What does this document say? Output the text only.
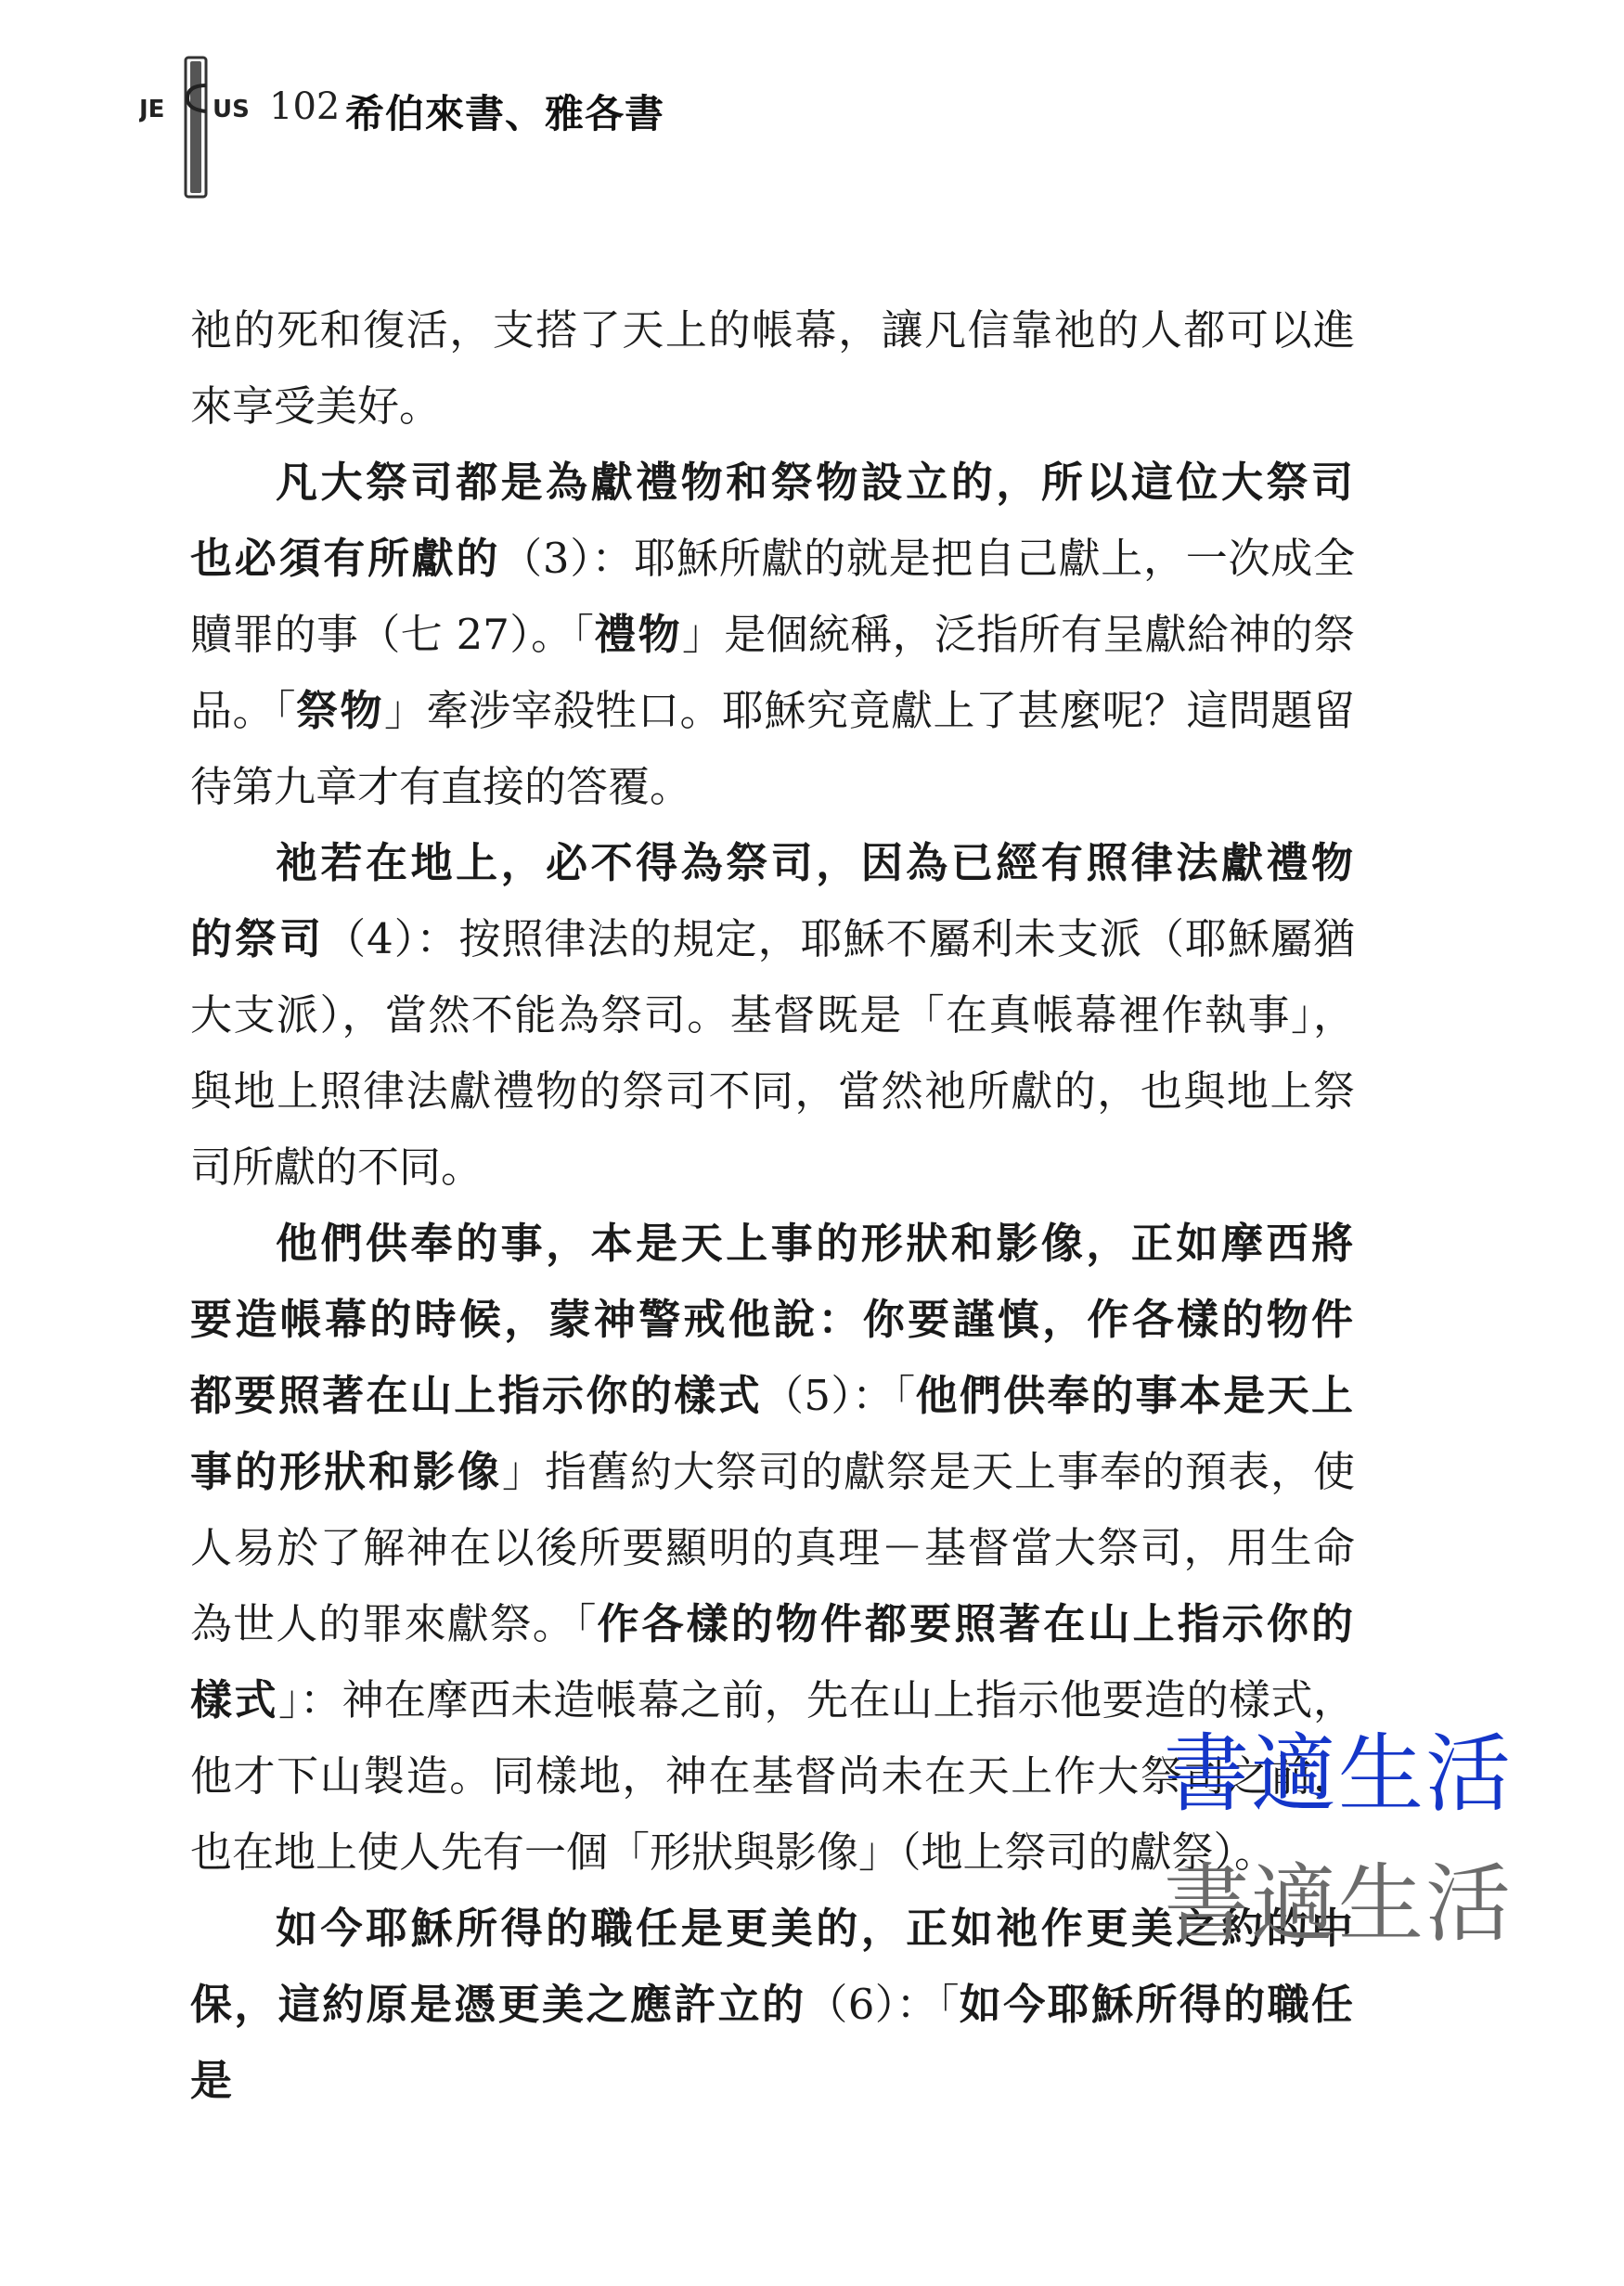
JE US 102 希伯來書、雅各書

祂的死和復活，支搭了天上的帳幕，讓凡信靠祂的人都可以進來享受美好。

凡大祭司都是為獻禮物和祭物設立的，所以這位大祭司也必須有所獻的（3）：耶穌所獻的就是把自己獻上，一次成全贖罪的事（七 27）。「禮物」是個統稱，泛指所有呈獻給神的祭品。「祭物」牽涉宰殺牲口。耶穌究竟獻上了甚麼呢？這問題留待第九章才有直接的答覆。

祂若在地上，必不得為祭司，因為已經有照律法獻禮物的祭司（4）：按照律法的規定，耶穌不屬利未支派（耶穌屬猶大支派），當然不能為祭司。基督既是「在真帳幕裡作執事」，與地上照律法獻禮物的祭司不同，當然祂所獻的，也與地上祭司所獻的不同。

他們供奉的事，本是天上事的形狀和影像，正如摩西將要造帳幕的時候，蒙神警戒他說：你要謹慎，作各樣的物件都要照著在山上指示你的樣式（5）：「他們供奉的事本是天上事的形狀和影像」指舊約大祭司的獻祭是天上事奉的預表，使人易於了解神在以後所要顯明的真理－基督當大祭司，用生命為世人的罪來獻祭。「作各樣的物件都要照著在山上指示你的樣式」：神在摩西未造帳幕之前，先在山上指示他要造的樣式，他才下山製造。同樣地，神在基督尚未在天上作大祭司之前，也在地上使人先有一個「形狀與影像」（地上祭司的獻祭）。

如今耶穌所得的職任是更美的，正如祂作更美之約的中保，這約原是憑更美之應許立的（6）：「如今耶穌所得的職任是

書適生活
書適生活
